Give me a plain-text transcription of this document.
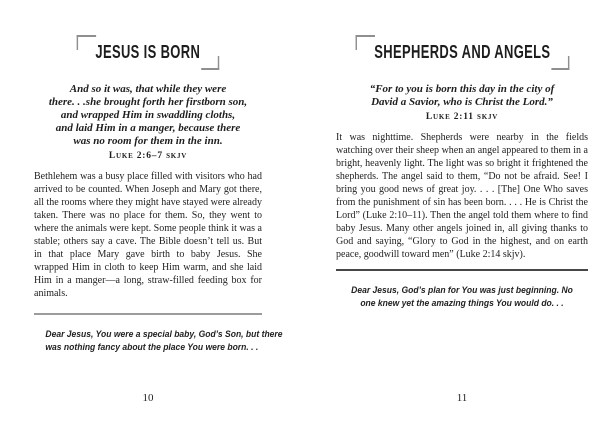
JESUS IS BORN
And so it was, that while they were
there. . .she brought forth her firstborn son,
and wrapped Him in swaddling cloths,
and laid Him in a manger, because there
was no room for them in the inn.
Luke 2:6–7 skjv
Bethlehem was a busy place filled with visitors who had arrived to be counted. When Joseph and Mary got there, all the rooms where they might have stayed were already taken. There was no place for them. So, they went to where the animals were kept. Some people think it was a stable; others say a cave. The Bible doesn’t tell us. But in that place Mary gave birth to baby Jesus. She wrapped Him in cloth to keep Him warm, and she laid Him in a manger—a long, straw-filled feeding box for animals.
Dear Jesus, You were a special baby, God’s Son, but there
was nothing fancy about the place You were born. . .
10
SHEPHERDS AND ANGELS
“For to you is born this day in the city of
David a Savior, who is Christ the Lord.”
Luke 2:11 skjv
It was nighttime. Shepherds were nearby in the fields watching over their sheep when an angel appeared to them in a bright, heavenly light. The light was so bright it frightened the shepherds. The angel said to them, “Do not be afraid. See! I bring you good news of great joy. . . . [The] One Who saves from the punishment of sin has been born. . . . He is Christ the Lord” (Luke 2:10–11). Then the angel told them where to find baby Jesus. Many other angels joined in, all giving thanks to God and saying, “Glory to God in the highest, and on earth peace, goodwill toward men” (Luke 2:14 skjv).
Dear Jesus, God’s plan for You was just beginning. No
one knew yet the amazing things You would do. . .
11
